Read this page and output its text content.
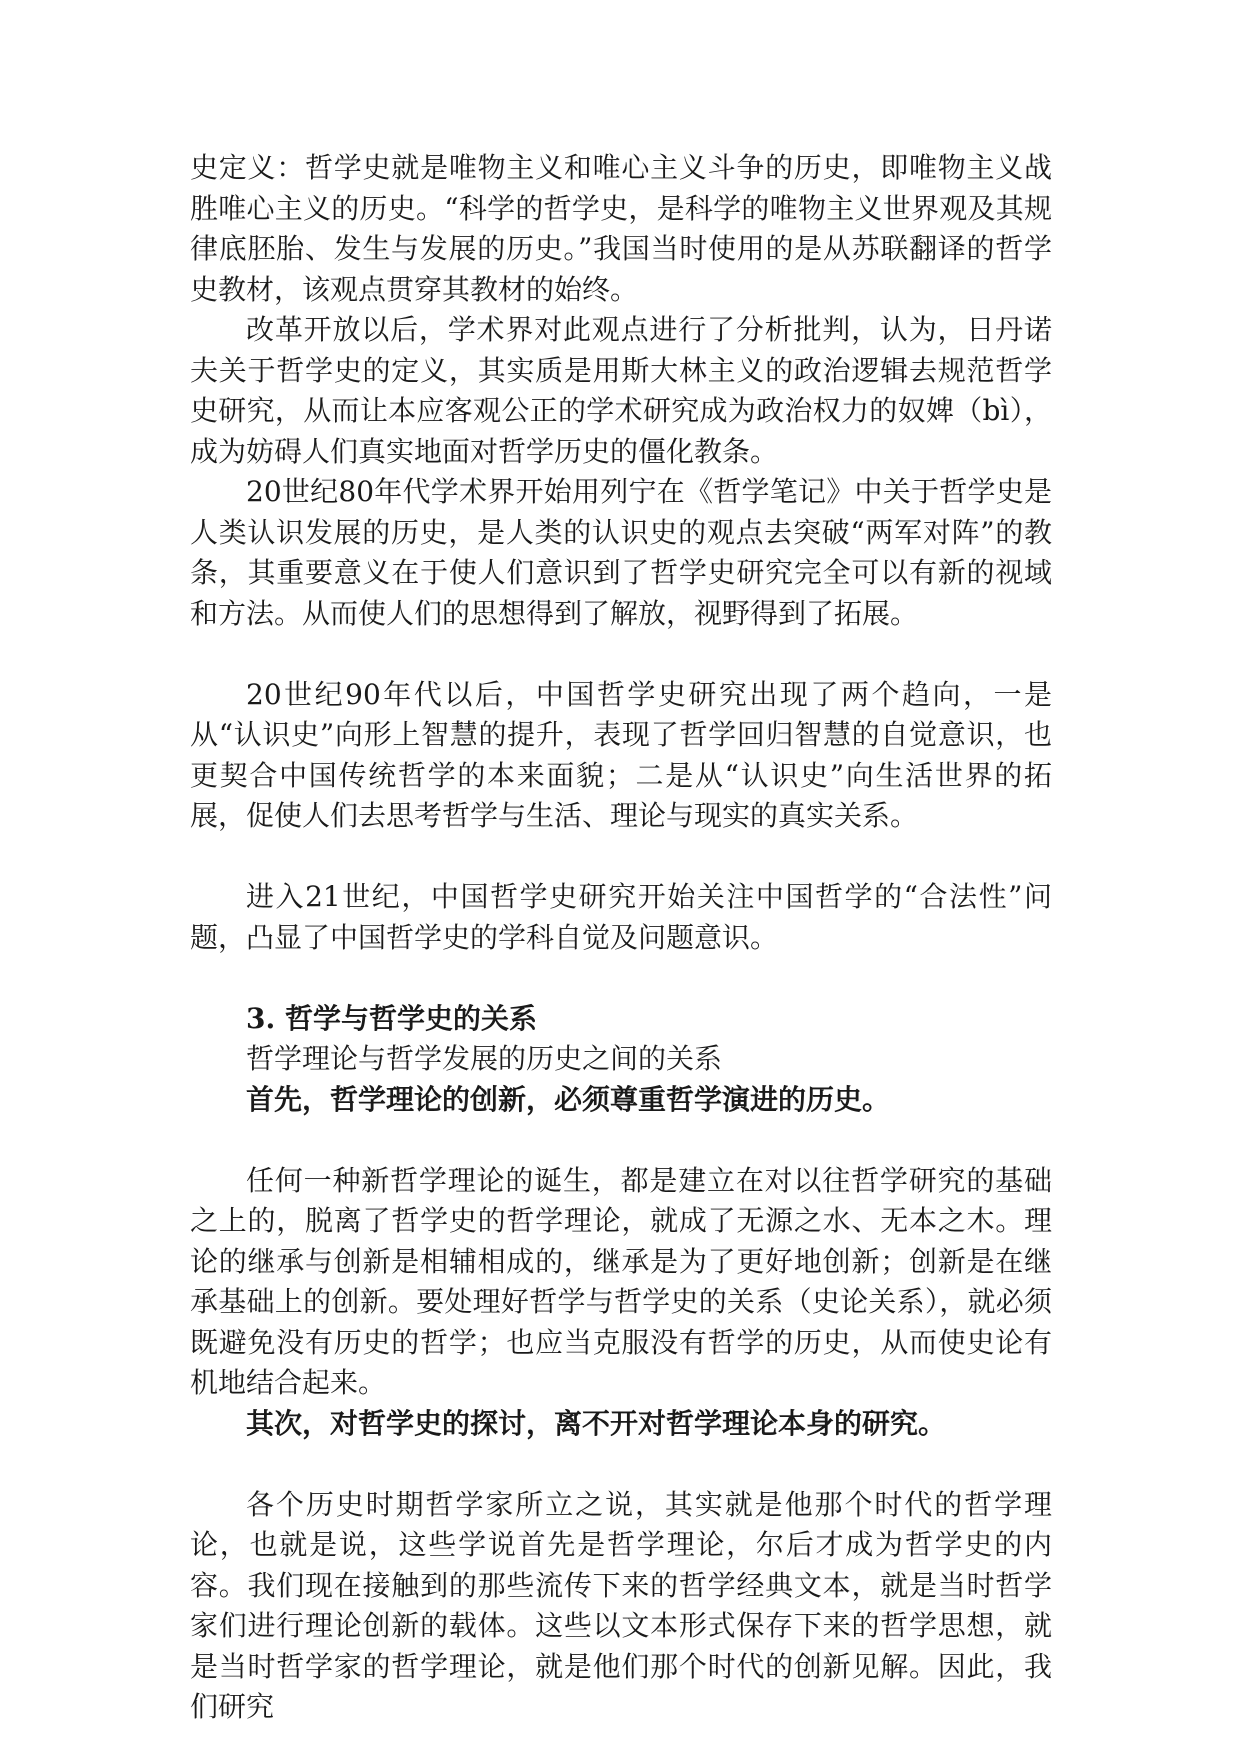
史定义：哲学史就是唯物主义和唯心主义斗争的历史，即唯物主义战胜唯心主义的历史。“科学的哲学史，是科学的唯物主义世界观及其规律底胚胎、发生与发展的历史。”我国当时使用的是从苏联翻译的哲学史教材，该观点贯穿其教材的始终。

改革开放以后，学术界对此观点进行了分析批判，认为，日丹诺夫关于哲学史的定义，其实质是用斯大林主义的政治逻辑去规范哲学史研究，从而让本应客观公正的学术研究成为政治权力的奴婢（bì），成为妨碍人们真实地面对哲学历史的僵化教条。

20世纪80年代学术界开始用列宁在《哲学笔记》中关于哲学史是人类认识发展的历史，是人类的认识史的观点去突破“两军对阵”的教条，其重要意义在于使人们意识到了哲学史研究完全可以有新的视域和方法。从而使人们的思想得到了解放，视野得到了拓展。

20世纪90年代以后，中国哲学史研究出现了两个趋向，一是从“认识史”向形上智慧的提升，表现了哲学回归智慧的自觉意识，也更契合中国传统哲学的本来面貌；二是从“认识史”向生活世界的拓展，促使人们去思考哲学与生活、理论与现实的真实关系。

进入21世纪，中国哲学史研究开始关注中国哲学的“合法性”问题，凸显了中国哲学史的学科自觉及问题意识。

3. 哲学与哲学史的关系

哲学理论与哲学发展的历史之间的关系

首先，哲学理论的创新，必须尊重哲学演进的历史。

任何一种新哲学理论的诞生，都是建立在对以往哲学研究的基础之上的，脱离了哲学史的哲学理论，就成了无源之水、无本之木。理论的继承与创新是相辅相成的，继承是为了更好地创新；创新是在继承基础上的创新。要处理好哲学与哲学史的关系（史论关系），就必须既避免没有历史的哲学；也应当克服没有哲学的历史，从而使史论有机地结合起来。

其次，对哲学史的探讨，离不开对哲学理论本身的研究。

各个历史时期哲学家所立之说，其实就是他那个时代的哲学理论，也就是说，这些学说首先是哲学理论，尔后才成为哲学史的内容。我们现在接触到的那些流传下来的哲学经典文本，就是当时哲学家们进行理论创新的载体。这些以文本形式保存下来的哲学思想，就是当时哲学家的哲学理论，就是他们那个时代的创新见解。因此，我们研究
